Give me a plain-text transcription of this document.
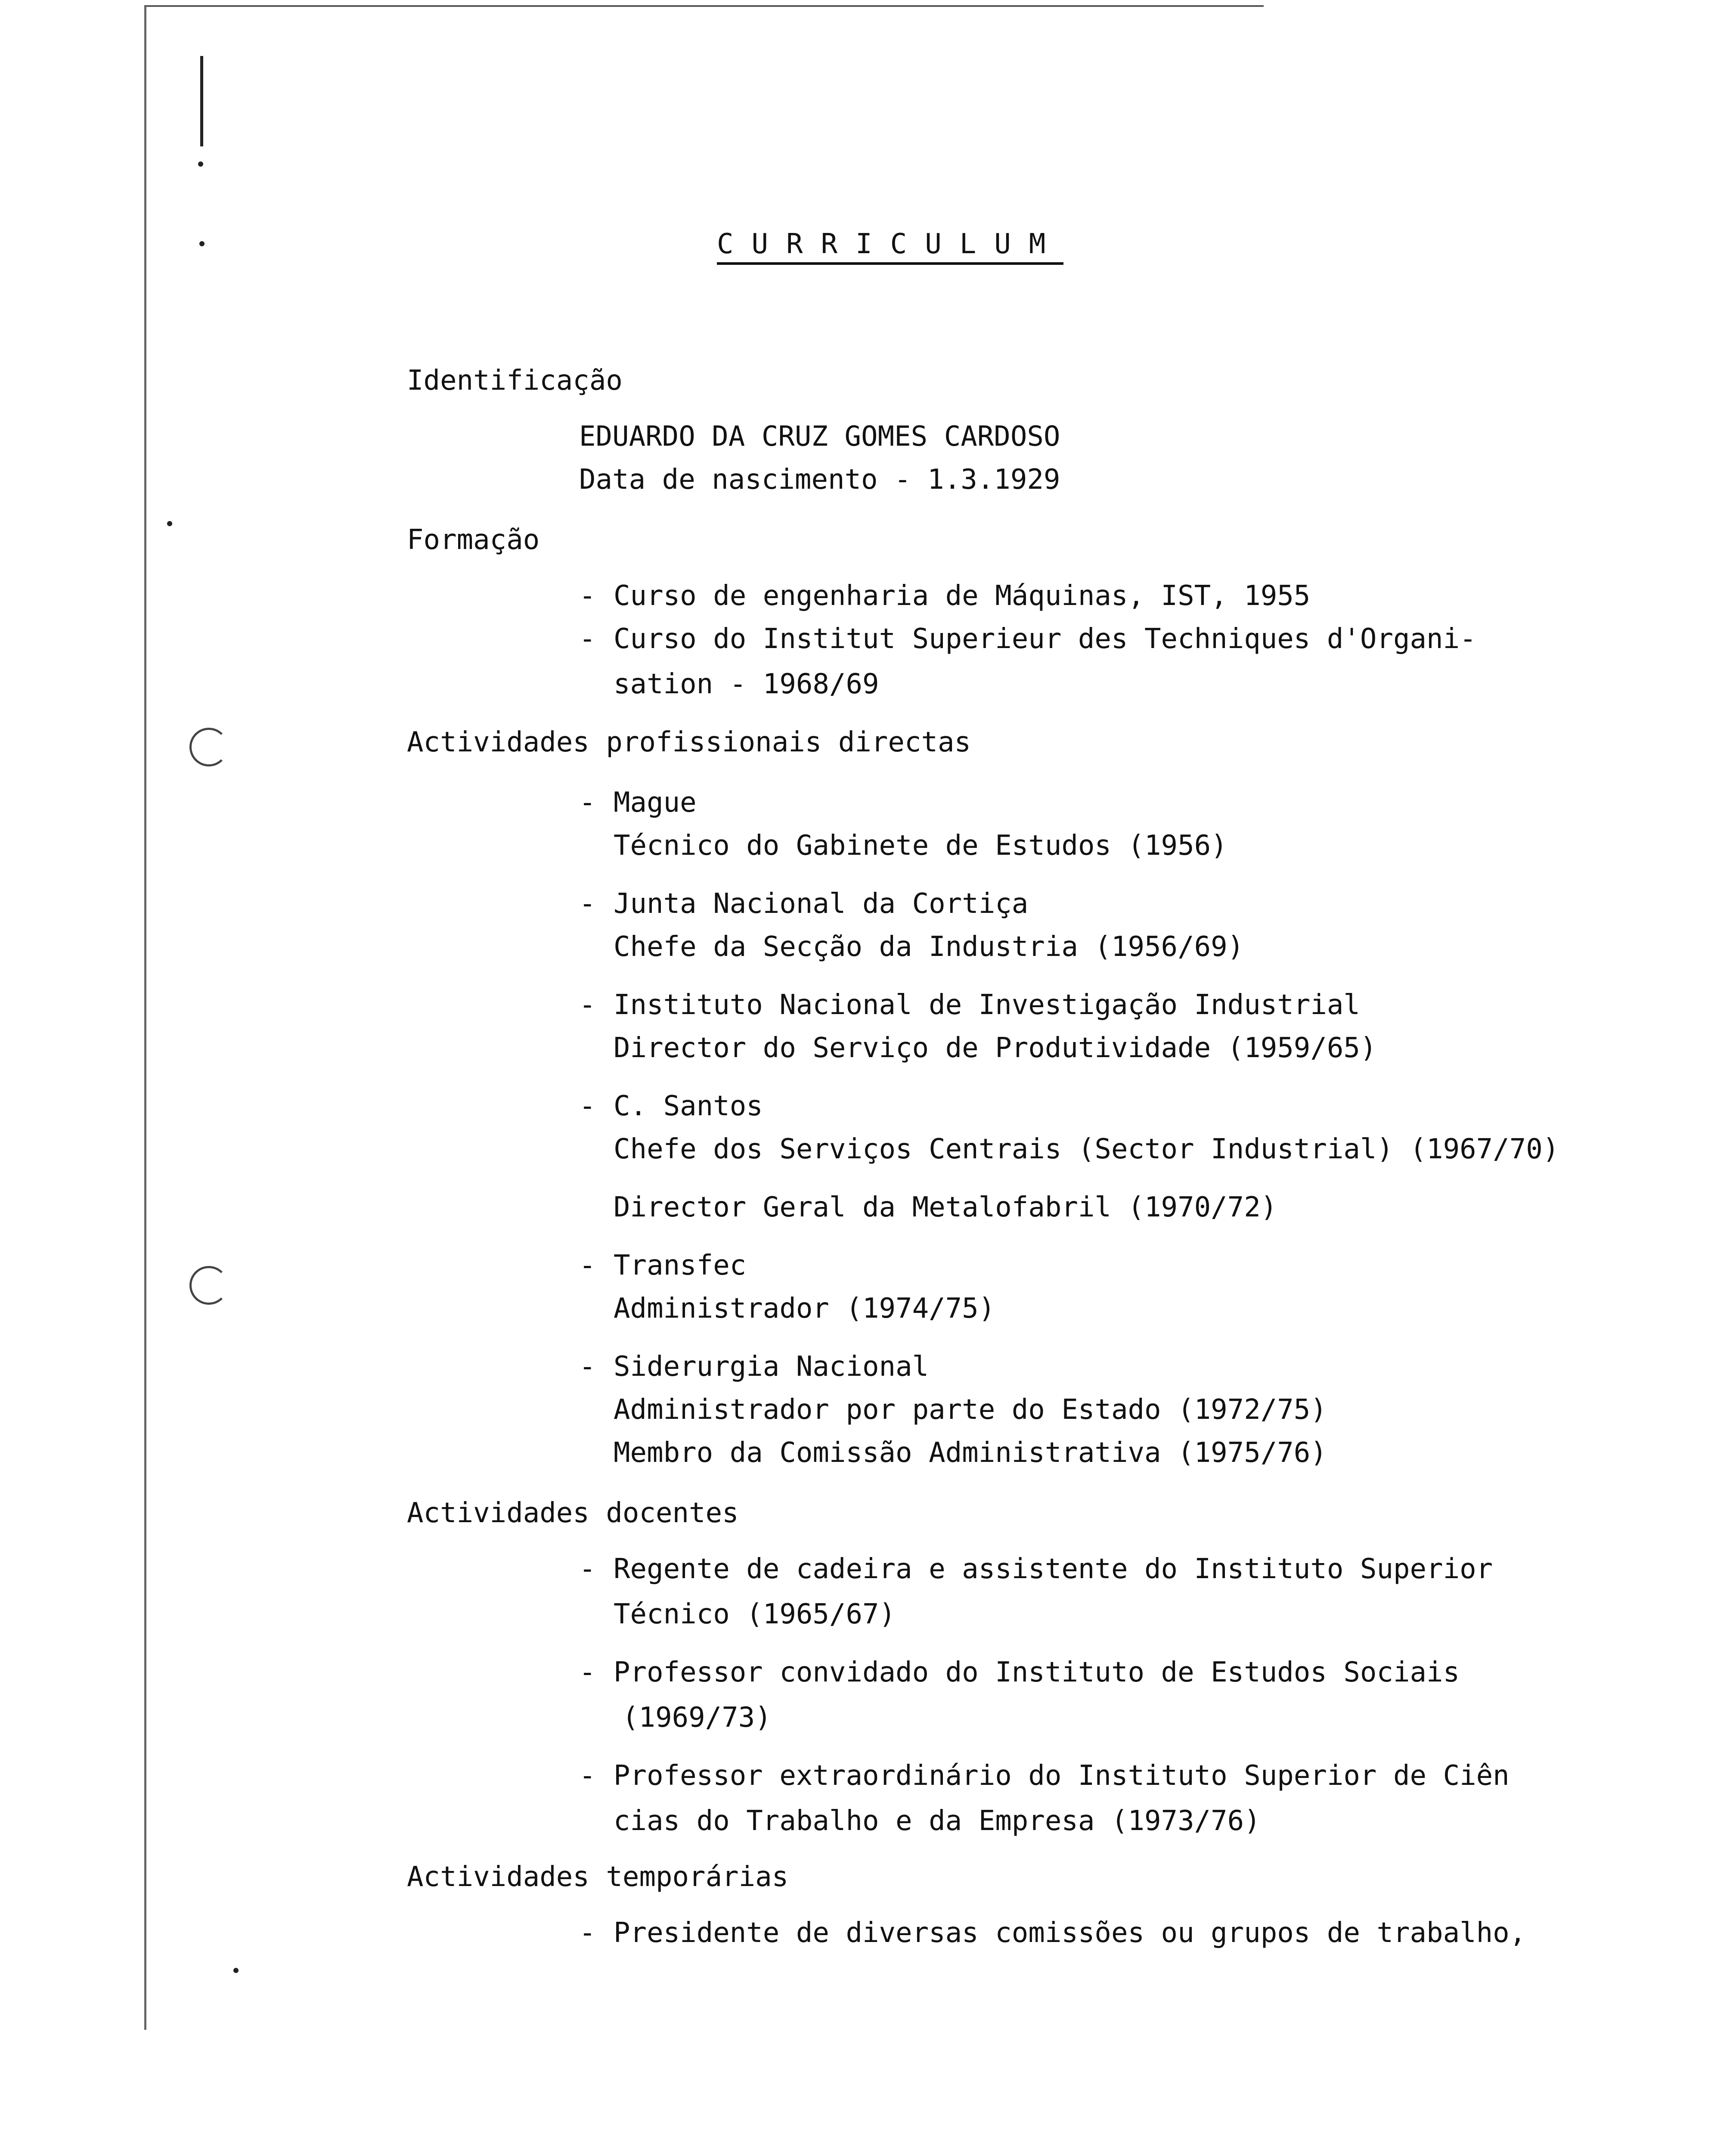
CURRICULUM
Identificação
EDUARDO DA CRUZ GOMES CARDOSO
Data de nascimento - 1.3.1929
Formação
- Curso de engenharia de Máquinas, IST, 1955
- Curso do Institut Superieur des Techniques d'Organi-
sation - 1968/69
Actividades profissionais directas
- Mague
Técnico do Gabinete de Estudos (1956)
- Junta Nacional da Cortiça
Chefe da Secção da Industria (1956/69)
- Instituto Nacional de Investigação Industrial
Director do Serviço de Produtividade (1959/65)
- C. Santos
Chefe dos Serviços Centrais (Sector Industrial) (1967/70)
Director Geral da Metalofabril (1970/72)
- Transfec
Administrador (1974/75)
- Siderurgia Nacional
Administrador por parte do Estado (1972/75)
Membro da Comissão Administrativa (1975/76)
Actividades docentes
- Regente de cadeira e assistente do Instituto Superior
Técnico (1965/67)
- Professor convidado do Instituto de Estudos Sociais
(1969/73)
- Professor extraordinário do Instituto Superior de Ciên
cias do Trabalho e da Empresa (1973/76)
Actividades temporárias
- Presidente de diversas comissões ou grupos de trabalho,
